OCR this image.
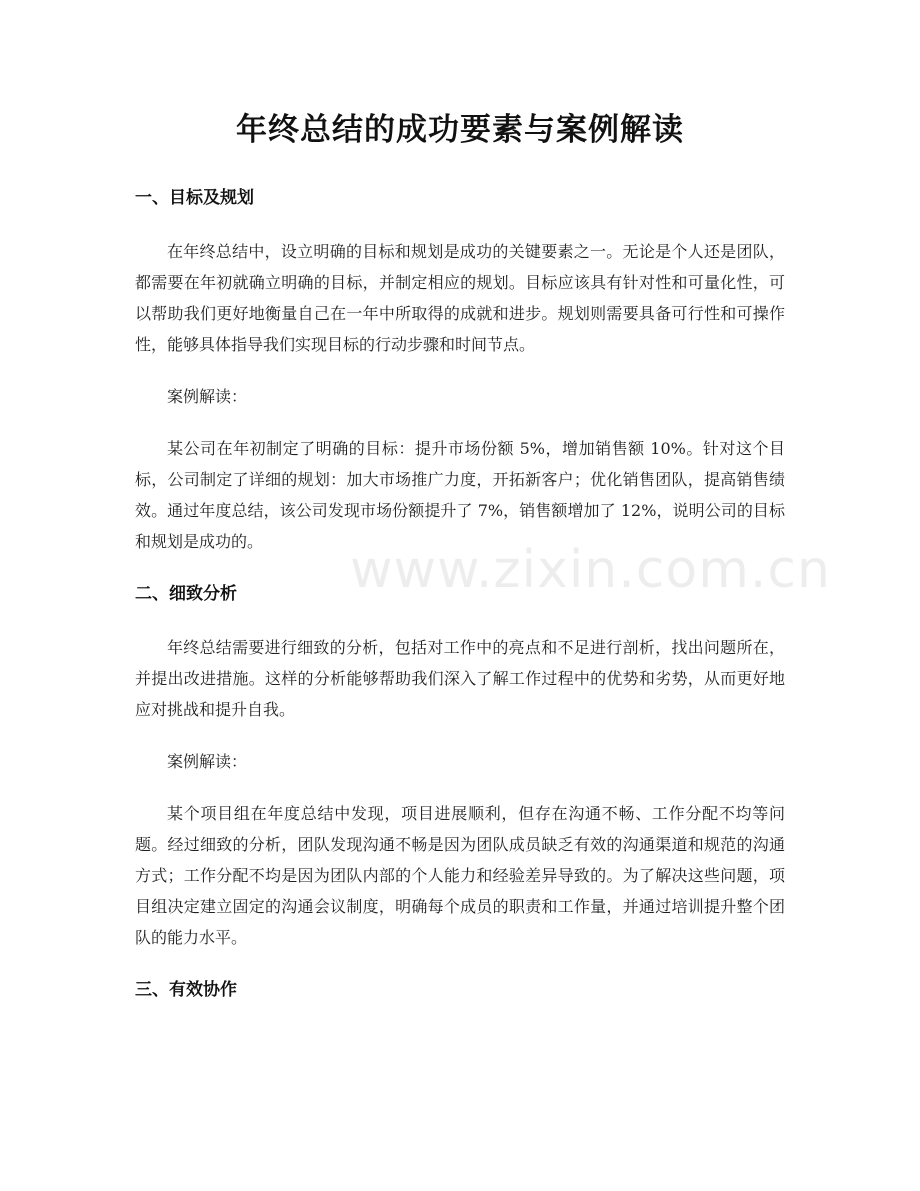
年终总结的成功要素与案例解读
一、目标及规划

在年终总结中，设立明确的目标和规划是成功的关键要素之一。无论是个人还是团队，都需要在年初就确立明确的目标，并制定相应的规划。目标应该具有针对性和可量化性，可以帮助我们更好地衡量自己在一年中所取得的成就和进步。规划则需要具备可行性和可操作性，能够具体指导我们实现目标的行动步骤和时间节点。

案例解读：

某公司在年初制定了明确的目标：提升市场份额 5%，增加销售额 10%。针对这个目标，公司制定了详细的规划：加大市场推广力度，开拓新客户；优化销售团队，提高销售绩效。通过年度总结，该公司发现市场份额提升了 7%，销售额增加了 12%，说明公司的目标和规划是成功的。

二、细致分析

年终总结需要进行细致的分析，包括对工作中的亮点和不足进行剖析，找出问题所在，并提出改进措施。这样的分析能够帮助我们深入了解工作过程中的优势和劣势，从而更好地应对挑战和提升自我。

案例解读：

某个项目组在年度总结中发现，项目进展顺利，但存在沟通不畅、工作分配不均等问题。经过细致的分析，团队发现沟通不畅是因为团队成员缺乏有效的沟通渠道和规范的沟通方式；工作分配不均是因为团队内部的个人能力和经验差异导致的。为了解决这些问题，项目组决定建立固定的沟通会议制度，明确每个成员的职责和工作量，并通过培训提升整个团队的能力水平。

三、有效协作
www.zixin.com.cn
